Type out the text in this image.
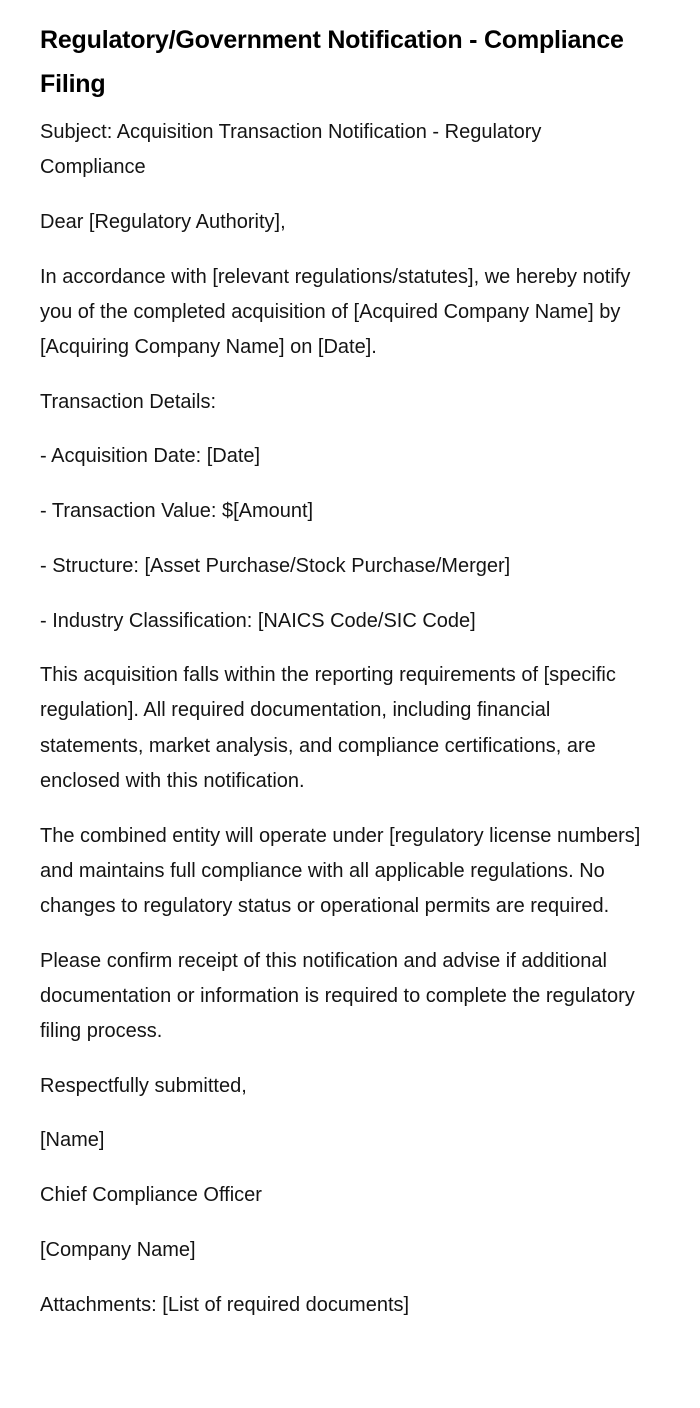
Regulatory/Government Notification - Compliance Filing

Subject: Acquisition Transaction Notification - Regulatory Compliance

Dear [Regulatory Authority],

In accordance with [relevant regulations/statutes], we hereby notify you of the completed acquisition of [Acquired Company Name] by [Acquiring Company Name] on [Date].

Transaction Details:

- Acquisition Date: [Date]

- Transaction Value: $[Amount]

- Structure: [Asset Purchase/Stock Purchase/Merger]

- Industry Classification: [NAICS Code/SIC Code]

This acquisition falls within the reporting requirements of [specific regulation]. All required documentation, including financial statements, market analysis, and compliance certifications, are enclosed with this notification.

The combined entity will operate under [regulatory license numbers] and maintains full compliance with all applicable regulations. No changes to regulatory status or operational permits are required.

Please confirm receipt of this notification and advise if additional documentation or information is required to complete the regulatory filing process.

Respectfully submitted,

[Name]

Chief Compliance Officer

[Company Name]

Attachments: [List of required documents]
